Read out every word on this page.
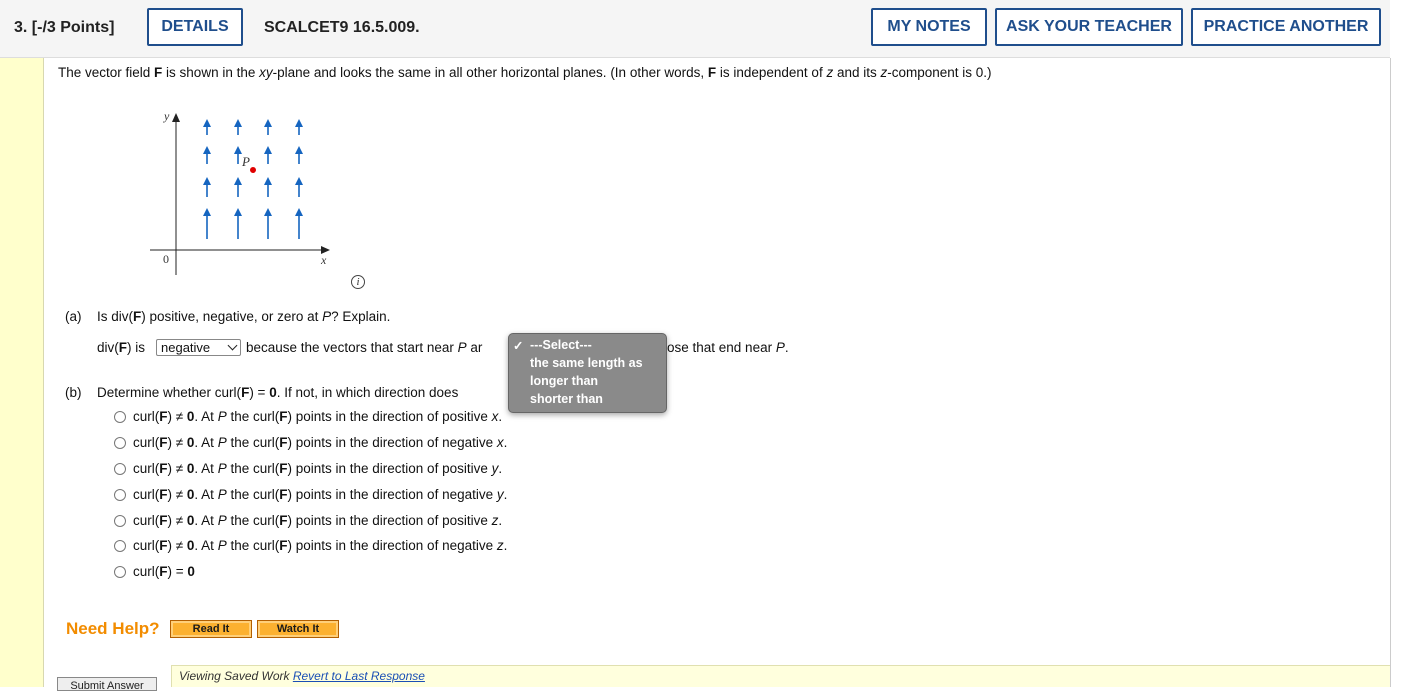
3. [-/3 Points]	DETAILS	SCALCET9 16.5.009.	MY NOTES	ASK YOUR TEACHER	PRACTICE ANOTHER
The vector field F is shown in the xy-plane and looks the same in all other horizontal planes. (In other words, F is independent of z and its z-component is 0.)
y
x
0
P
i
(a) Is div(F) positive, negative, or zero at P? Explain.
div(F) is	negative	because the vectors that start near P ar	ose that end near P.
(b) Determine whether curl(F) = 0. If not, in which direction does
curl(F) ≠ 0. At P the curl(F) points in the direction of positive x.
curl(F) ≠ 0. At P the curl(F) points in the direction of negative x.
curl(F) ≠ 0. At P the curl(F) points in the direction of positive y.
curl(F) ≠ 0. At P the curl(F) points in the direction of negative y.
curl(F) ≠ 0. At P the curl(F) points in the direction of positive z.
curl(F) ≠ 0. At P the curl(F) points in the direction of negative z.
curl(F) = 0
---Select---
✓
the same length as
longer than
shorter than
Need Help?	Read It	Watch It
Submit Answer
Viewing Saved Work Revert to Last Response
